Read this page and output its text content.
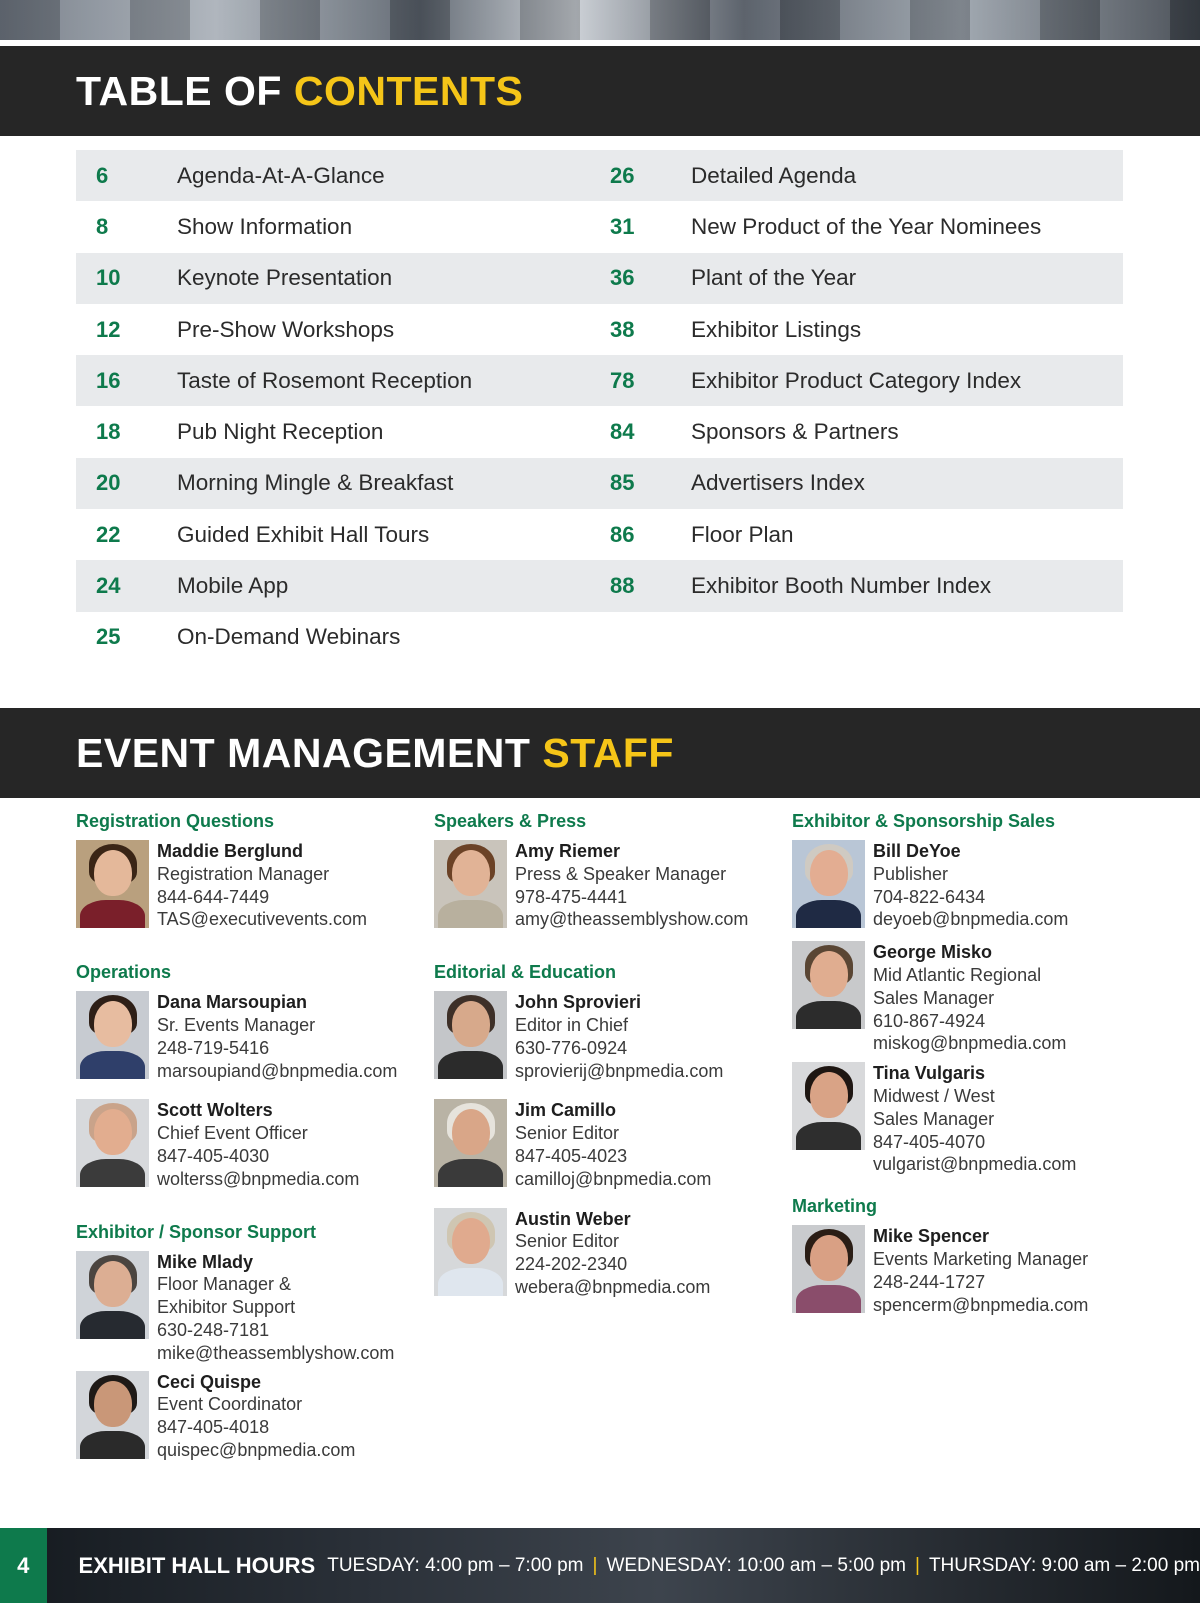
TABLE OF CONTENTS
6	Agenda-At-A-Glance	26	Detailed Agenda
8	Show Information	31	New Product of the Year Nominees
10	Keynote Presentation	36	Plant of the Year
12	Pre-Show Workshops	38	Exhibitor Listings
16	Taste of Rosemont Reception	78	Exhibitor Product Category Index
18	Pub Night Reception	84	Sponsors & Partners
20	Morning Mingle & Breakfast	85	Advertisers Index
22	Guided Exhibit Hall Tours	86	Floor Plan
24	Mobile App	88	Exhibitor Booth Number Index
25	On-Demand Webinars
EVENT MANAGEMENT STAFF
Registration Questions
Maddie Berglund
Registration Manager
844-644-7449
TAS@executivevents.com
Operations
Dana Marsoupian
Sr. Events Manager
248-719-5416
marsoupiand@bnpmedia.com
Scott Wolters
Chief Event Officer
847-405-4030
wolterss@bnpmedia.com
Exhibitor / Sponsor Support
Mike Mlady
Floor Manager &
Exhibitor Support
630-248-7181
mike@theassemblyshow.com
Ceci Quispe
Event Coordinator
847-405-4018
quispec@bnpmedia.com
Speakers & Press
Amy Riemer
Press & Speaker Manager
978-475-4441
amy@theassemblyshow.com
Editorial & Education
John Sprovieri
Editor in Chief
630-776-0924
sprovierij@bnpmedia.com
Jim Camillo
Senior Editor
847-405-4023
camilloj@bnpmedia.com
Austin Weber
Senior Editor
224-202-2340
webera@bnpmedia.com
Exhibitor & Sponsorship Sales
Bill DeYoe
Publisher
704-822-6434
deyoeb@bnpmedia.com
George Misko
Mid Atlantic Regional
Sales Manager
610-867-4924
miskog@bnpmedia.com
Tina Vulgaris
Midwest / West
Sales Manager
847-405-4070
vulgarist@bnpmedia.com
Marketing
Mike Spencer
Events Marketing Manager
248-244-1727
spencerm@bnpmedia.com
4	EXHIBIT HALL HOURS TUESDAY: 4:00 pm – 7:00 pm | WEDNESDAY: 10:00 am – 5:00 pm | THURSDAY: 9:00 am – 2:00 pm
